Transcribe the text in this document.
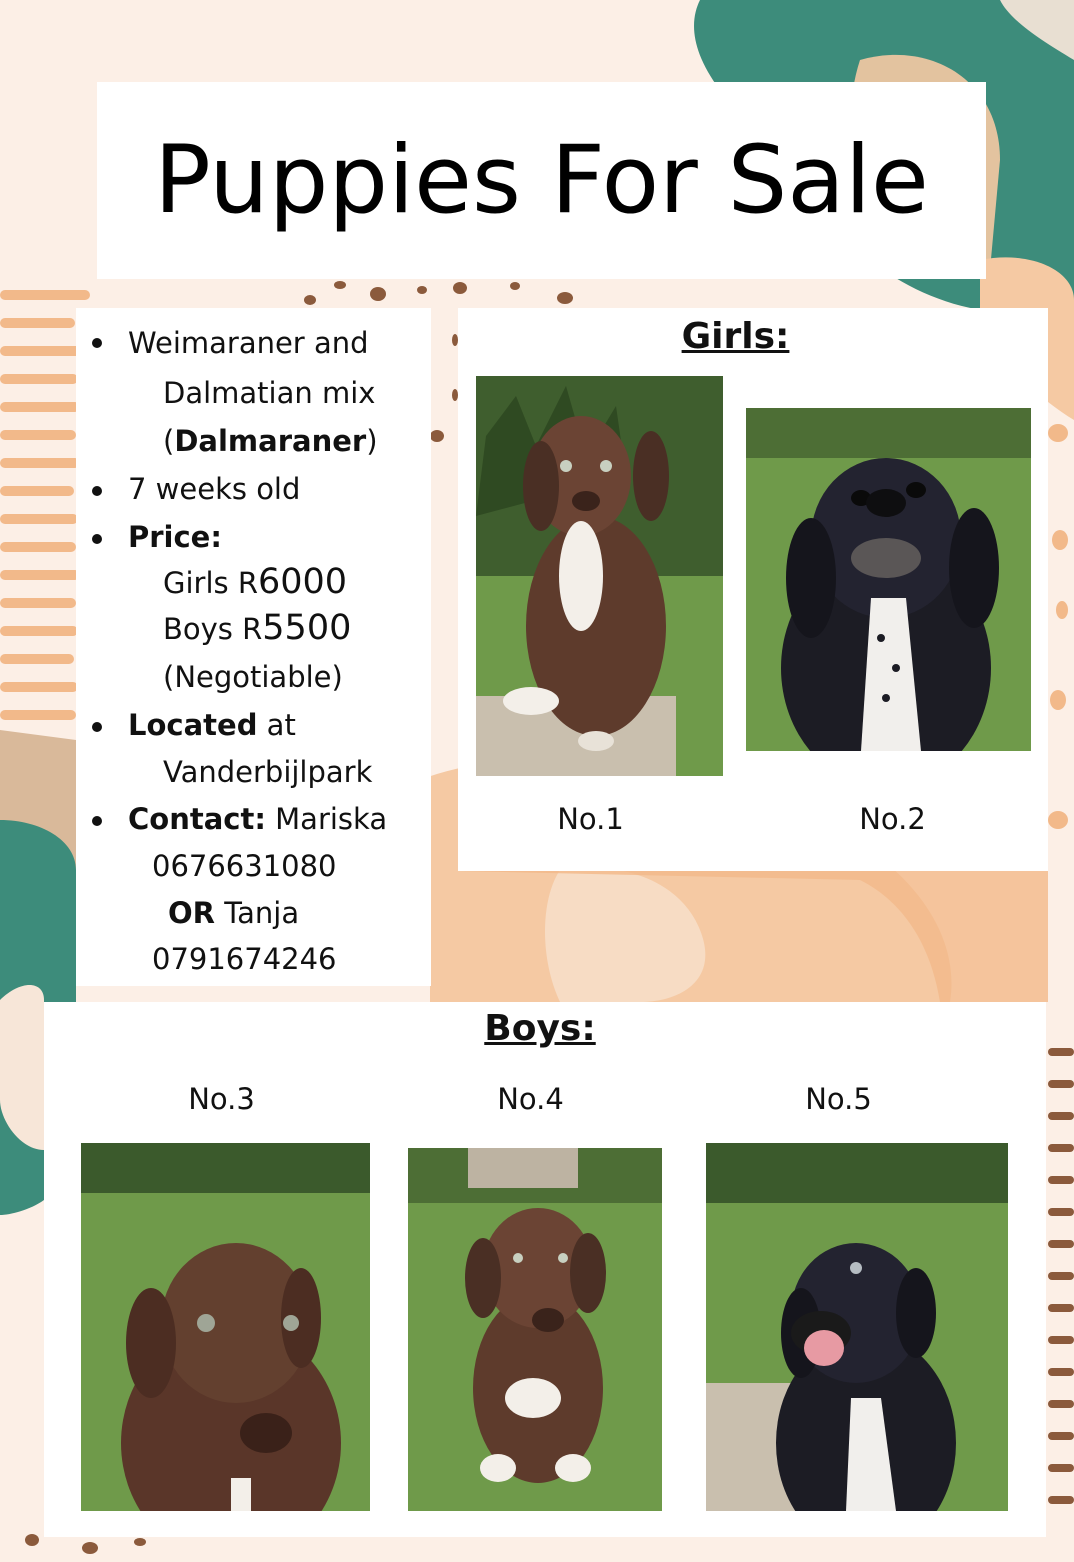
Puppies For Sale
Weimaraner and
Dalmatian mix
(Dalmaraner)
7 weeks old
Price:
Girls R6000
Boys R5500
(Negotiable)
Located at
Vanderbijlpark
Contact: Mariska
0676631080
OR Tanja
0791674246
Girls:
No.1	No.2
Boys:
No.3	No.4	No.5
